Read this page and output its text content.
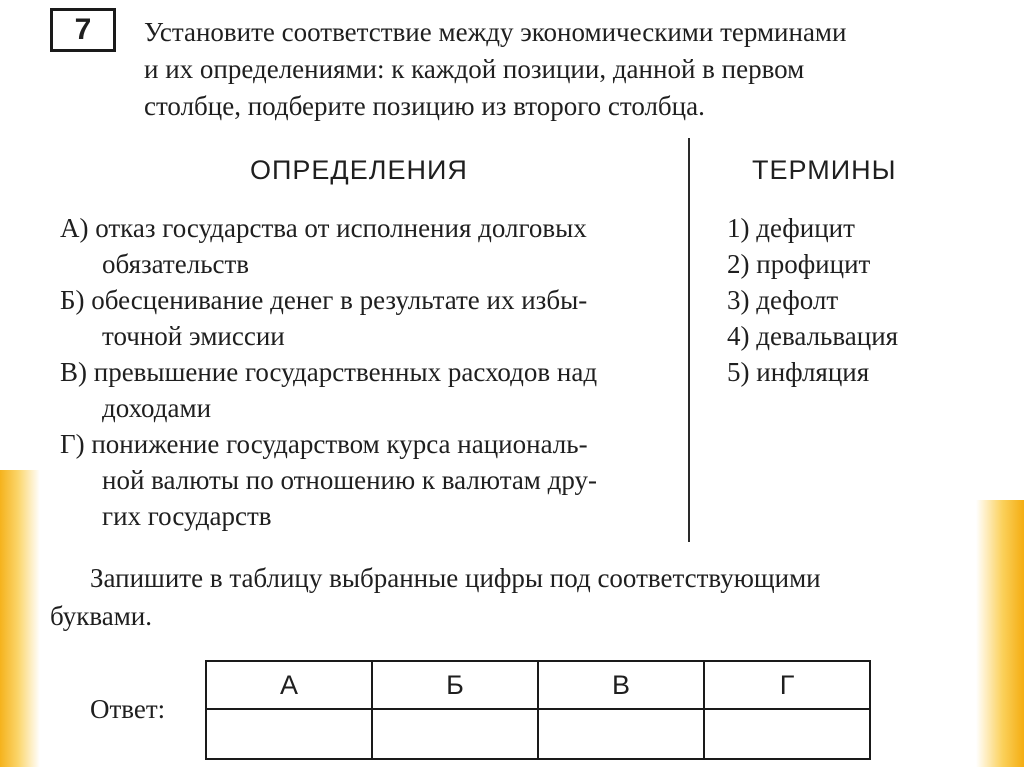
7	Установите соответствие между экономическими терминами
и их определениями: к каждой позиции, данной в первом
столбце, подберите позицию из второго столбца.
ОПРЕДЕЛЕНИЯ	ТЕРМИНЫ
А) отказ государства от исполнения долговых
обязательств
Б) обесценивание денег в результате их избы-
точной эмиссии
В) превышение государственных расходов над
доходами
Г) понижение государством курса националь-
ной валюты по отношению к валютам дру-
гих государств
1) дефицит
2) профицит
3) дефолт
4) девальвация
5) инфляция
Запишите в таблицу выбранные цифры под соответствующими
буквами.
Ответ:
А	Б	В	Г
